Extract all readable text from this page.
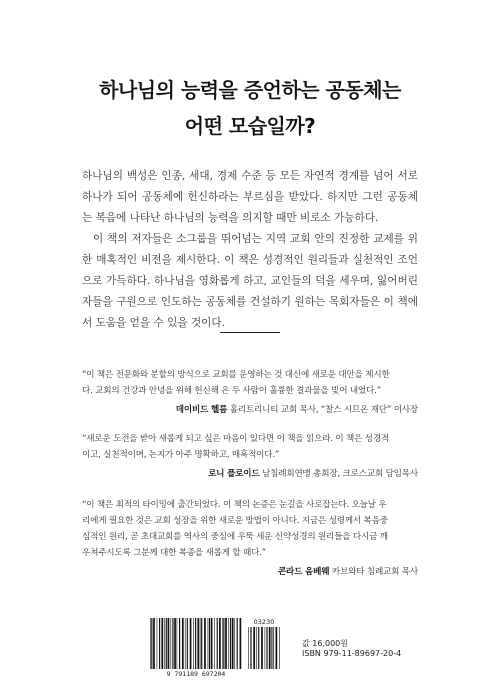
하나님의 능력을 증언하는 공동체는
어떤 모습일까?

하나님의 백성은 인종, 세대, 경제 수준 등 모든 자연적 경계를 넘어 서로 하나가 되어 공동체에 헌신하라는 부르심을 받았다. 하지만 그런 공동체는 복음에 나타난 하나님의 능력을 의지할 때만 비로소 가능하다.

이 책의 저자들은 소그룹을 뛰어넘는 지역 교회 안의 진정한 교제를 위한 매혹적인 비전을 제시한다. 이 책은 성경적인 원리들과 실천적인 조언으로 가득하다. 하나님을 영화롭게 하고, 교인들의 덕을 세우며, 잃어버린 자들을 구원으로 인도하는 공동체를 건설하기 원하는 목회자들은 이 책에서 도움을 얻을 수 있을 것이다.

“이 책은 전문화와 분할의 방식으로 교회를 운영하는 것 대신에 새로운 대안을 제시한
다. 교회의 건강과 안녕을 위해 헌신해 온 두 사람이 훌륭한 결과물을 빚어 내었다.”
데이비드 헬름 홀리트리니티 교회 목사, “찰스 시므온 재단” 이사장
“새로운 도전을 받아 새롭게 되고 싶은 마음이 있다면 이 책을 읽으라. 이 책은 성경적
이고, 실천적이며, 논지가 아주 명확하고, 매혹적이다.”
로니 플로이드 남침례회연맹 총회장, 크로스교회 담임목사
“이 책은 최적의 타이밍에 출간되었다. 이 책의 논증은 눈길을 사로잡는다. 오늘날 우
리에게 필요한 것은 교회 성장을 위한 새로운 방법이 아니다. 지금은 성령께서 복음중
심적인 원리, 곧 초대교회를 역사의 중심에 우뚝 세운 신약성경의 원리들을 다시금 깨
우쳐주시도록 그분께 대한 복종을 새롭게 할 때다.”
콘라드 음베웨 카브와타 침례교회 목사
03230
9 791189 697204
값 16,000원
ISBN 979-11-89697-20-4
